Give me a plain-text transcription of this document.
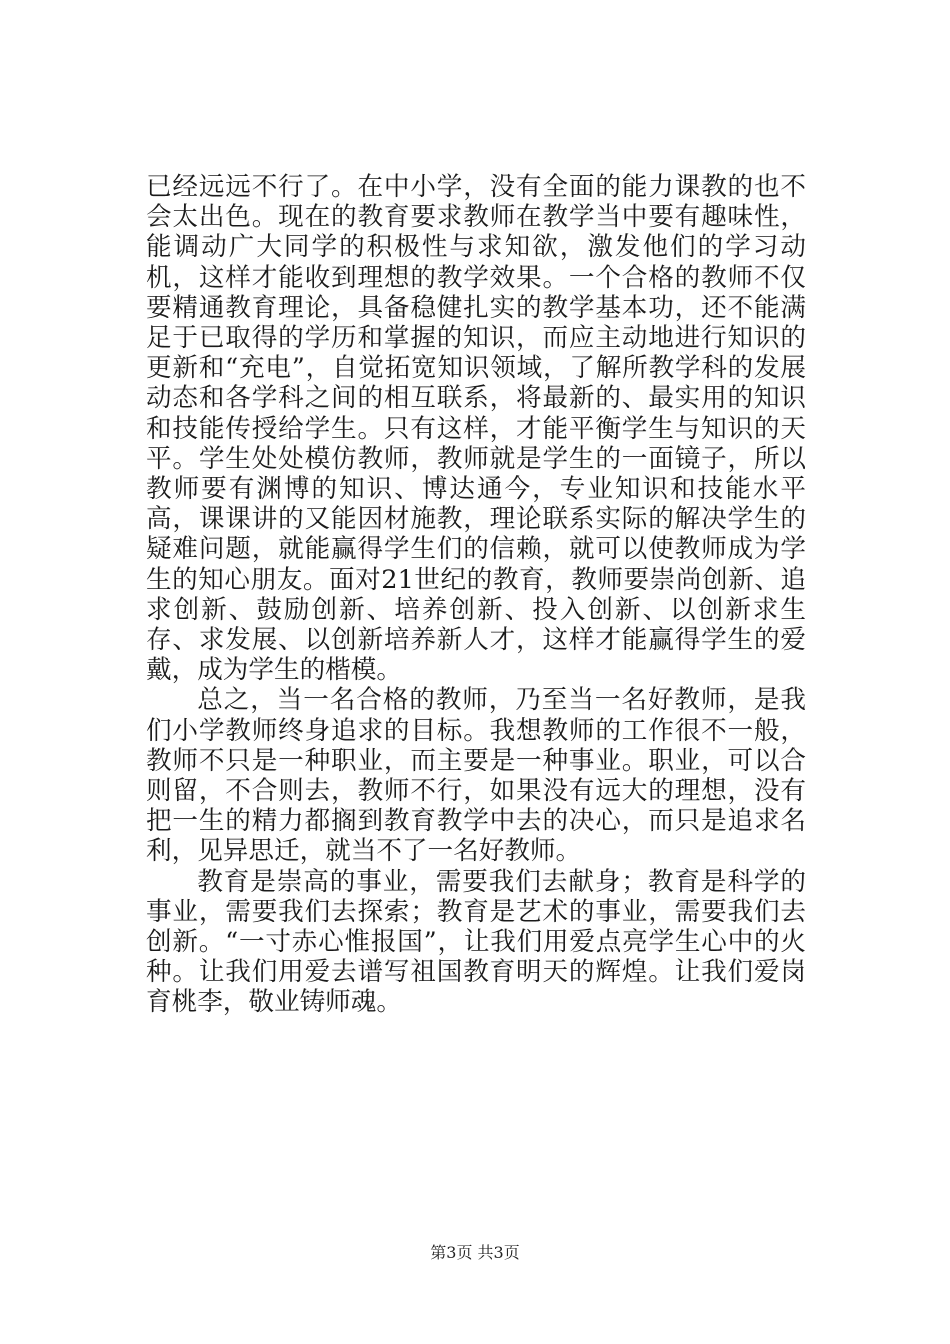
已经远远不行了。在中小学，没有全面的能力课教的也不会太出色。现在的教育要求教师在教学当中要有趣味性，能调动广大同学的积极性与求知欲，激发他们的学习动机，这样才能收到理想的教学效果。一个合格的教师不仅要精通教育理论，具备稳健扎实的教学基本功，还不能满足于已取得的学历和掌握的知识，而应主动地进行知识的更新和“充电”，自觉拓宽知识领域，了解所教学科的发展动态和各学科之间的相互联系，将最新的、最实用的知识和技能传授给学生。只有这样，才能平衡学生与知识的天平。学生处处模仿教师，教师就是学生的一面镜子，所以教师要有渊博的知识、博达通今，专业知识和技能水平高，课课讲的又能因材施教，理论联系实际的解决学生的疑难问题，就能赢得学生们的信赖，就可以使教师成为学生的知心朋友。面对21世纪的教育，教师要崇尚创新、追求创新、鼓励创新、培养创新、投入创新、以创新求生存、求发展、以创新培养新人才，这样才能赢得学生的爱戴，成为学生的楷模。

总之，当一名合格的教师，乃至当一名好教师，是我们小学教师终身追求的目标。我想教师的工作很不一般，教师不只是一种职业，而主要是一种事业。职业，可以合则留，不合则去，教师不行，如果没有远大的理想，没有把一生的精力都搁到教育教学中去的决心，而只是追求名利，见异思迁，就当不了一名好教师。

教育是崇高的事业，需要我们去献身；教育是科学的事业，需要我们去探索；教育是艺术的事业，需要我们去创新。“一寸赤心惟报国”，让我们用爱点亮学生心中的火种。让我们用爱去谱写祖国教育明天的辉煌。让我们爱岗育桃李，敬业铸师魂。

第3页 共3页
